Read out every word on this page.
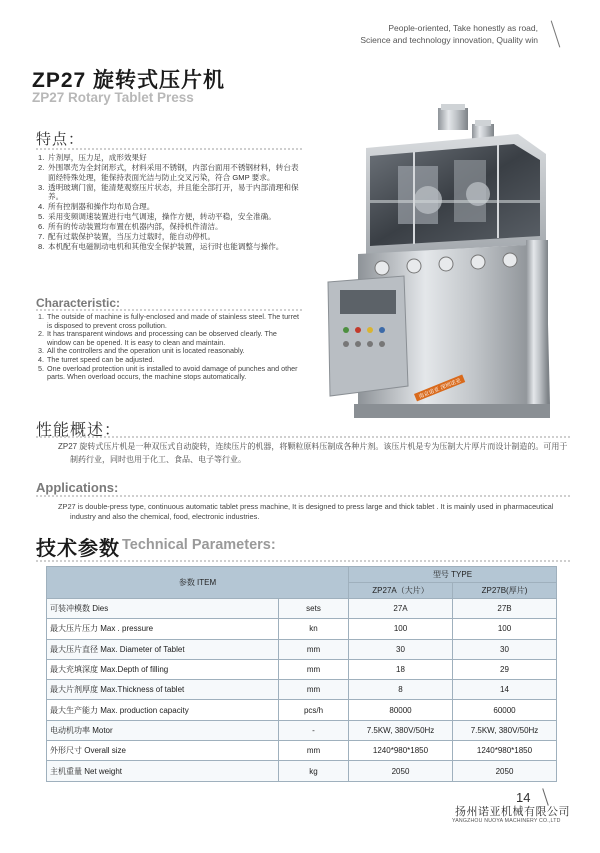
People-oriented, Take honestly as road,
Science and technology innovation, Quality win
ZP27 旋转式压片机
ZP27 Rotary Tablet Press
特点：
1. 片剂厚，压力足，成形效果好
2. 外围罩壳为全封闭形式，材料采用不锈钢，内部台面用不锈钢材料，转台表面经特殊处理，能保持表面光洁与防止交叉污染，符合 GMP 要求。
3. 透明玻璃门窗，能清楚观察压片状态，并且能全部打开，易于内部清理和保养。
4. 所有控制器和操作均布局合理。
5. 采用变频调速装置进行电气调速，操作方便，转动平稳，安全准确。
6. 所有的传动装置均布置在机器内部，保持机件清洁。
7. 配有过载保护装置，当压力过载时，能自动停机。
8. 本机配有电磁制动电机和其他安全保护装置，运行时也能调整与操作。
Characteristic:
1. The outside of machine is fully-enclosed and made of stainless steel. The turret is disposed to prevent cross pollution.
2. It has transparent windows and processing can be observed clearly. The window can be opened. It is easy to clean and maintain.
3. All the controllers and the operation unit is located reasonably.
4. The turret speed can be adjusted.
5. One overload protection unit is installed to avoid damage of punches and other parts. When overload occurs, the machine stops automatically.
南京诺亚 深圳诺亚
性能概述：

ZP27 旋转式压片机是一种双压式自动旋转，连续压片的机器，将颗粒原料压制成各种片剂。该压片机是专为压制大片厚片而设计制造的。可用于制药行业，同时也用于化工、食品、电子等行业。

Applications:

ZP27 is double-press type, continuous automatic tablet press machine, It is designed to press large and thick tablet . It is mainly used in pharmaceutical industry and also the chemical, food, electronic industries.

技术参数 Technical Parameters:
参数 ITEM		型号 TYPE	
		ZP27A（大片）	ZP27B(厚片)
可装冲模数 Dies	sets	27A	27B
最大压片压力 Max . pressure	kn	100	100
最大压片直径 Max. Diameter of Tablet	mm	30	30
最大充填深度 Max.Depth of filling	mm	18	29
最大片剂厚度 Max.Thickness of tablet	mm	8	14
最大生产能力 Max. production capacity	pcs/h	80000	60000
电动机功率 Motor	-	7.5KW, 380V/50Hz	7.5KW, 380V/50Hz
外形尺寸 Overall size	mm	1240*980*1850	1240*980*1850
主机重量 Net weight	kg	2050	2050
14
扬州诺亚机械有限公司
YANGZHOU NUOYA MACHINERY CO.,LTD
